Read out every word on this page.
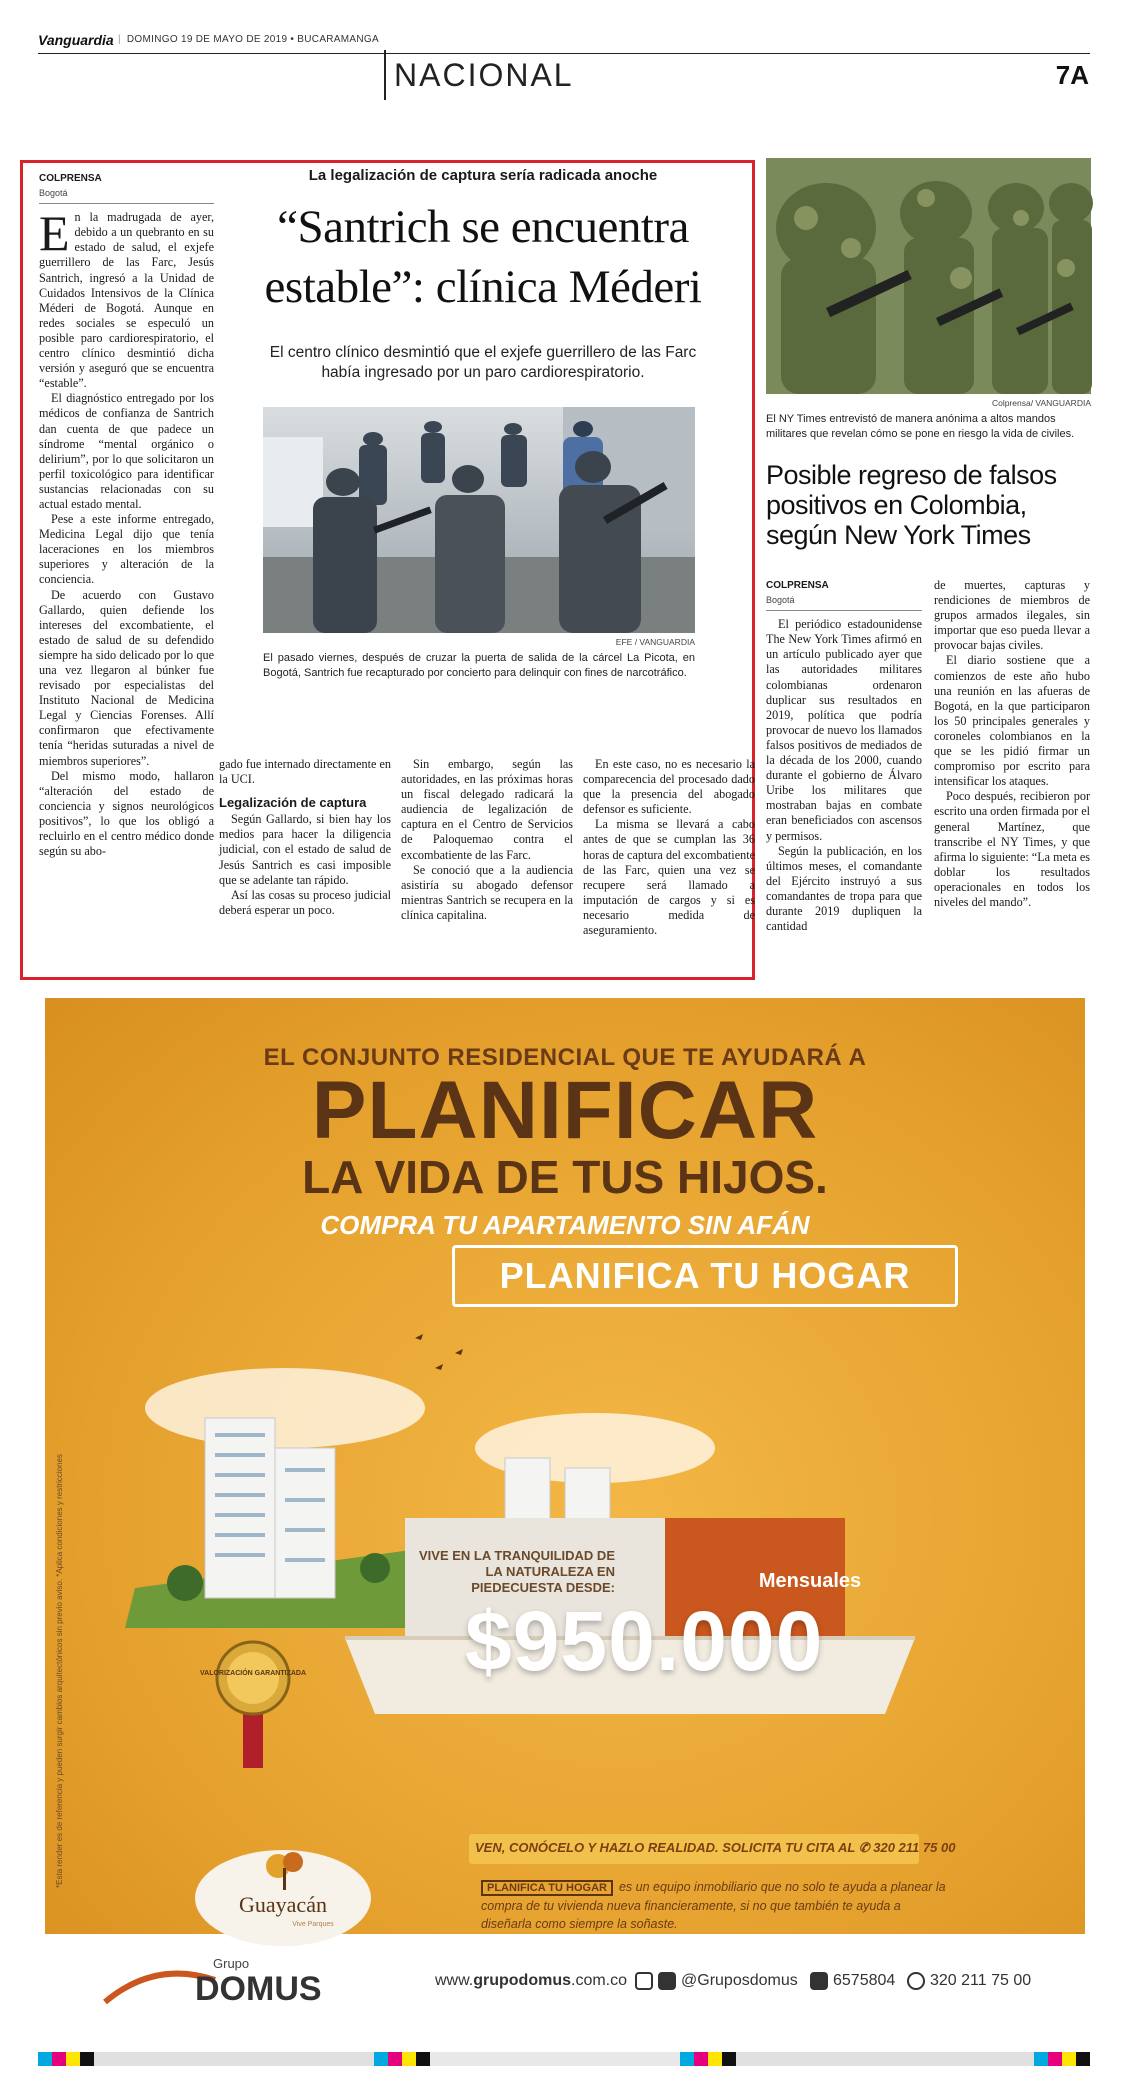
Vanguardia
|	DOMINGO 19 DE MAYO DE 2019 • BUCARAMANGA
NACIONAL	7A
COLPRENSA
Bogotá

En la madrugada de ayer, debido a un quebranto en su estado de salud, el exjefe guerrillero de las Farc, Jesús Santrich, ingresó a la Unidad de Cuidados Intensivos de la Clínica Méderi de Bogotá. Aunque en redes sociales se especuló un posible paro cardiorespiratorio, el centro clínico desmintió dicha versión y aseguró que se encuentra “estable”.

El diagnóstico entregado por los médicos de confianza de Santrich dan cuenta de que padece un síndrome “mental orgánico o delirium”, por lo que solicitaron un perfil toxicológico para identificar sustancias relacionadas con su actual estado mental.

Pese a este informe entregado, Medicina Legal dijo que tenía laceraciones en los miembros superiores y alteración de la conciencia.

De acuerdo con Gustavo Gallardo, quien defiende los intereses del excombatiente, el estado de salud de su defendido siempre ha sido delicado por lo que una vez llegaron al búnker fue revisado por especialistas del Instituto Nacional de Medicina Legal y Ciencias Forenses. Allí confirmaron que efectivamente tenía “heridas suturadas a nivel de miembros superiores”.

Del mismo modo, hallaron “alteración del estado de conciencia y signos neurológicos positivos”, lo que los obligó a recluirlo en el centro médico donde según su abo-

La legalización de captura sería radicada anoche
“Santrich se encuentra estable”: clínica Méderi
El centro clínico desmintió que el exjefe guerrillero de las Farc había ingresado por un paro cardiorespiratorio.
EFE / VANGUARDIA
El pasado viernes, después de cruzar la puerta de salida de la cárcel La Picota, en Bogotá, Santrich fue recapturado por concierto para delinquir con fines de narcotráfico.

gado fue internado directamente en la UCI.

Legalización de captura

Según Gallardo, si bien hay los medios para hacer la diligencia judicial, con el estado de salud de Jesús Santrich es casi imposible que se adelante tan rápido.

Así las cosas su proceso judicial deberá esperar un poco.

Sin embargo, según las autoridades, en las próximas horas un fiscal delegado radicará la audiencia de legalización de captura en el Centro de Servicios de Paloquemao contra el excombatiente de las Farc.

Se conoció que a la audiencia asistiría su abogado defensor mientras Santrich se recupera en la clínica capitalina.

En este caso, no es necesario la comparecencia del procesado dado que la presencia del abogado defensor es suficiente.

La misma se llevará a cabo antes de que se cumplan las 36 horas de captura del excombatiente de las Farc, quien una vez se recupere será llamado a imputación de cargos y si es necesario medida de aseguramiento.

Colprensa/ VANGUARDIA
El NY Times entrevistó de manera anónima a altos mandos militares que revelan cómo se pone en riesgo la vida de civiles.
Posible regreso de falsos positivos en Colombia, según New York Times
COLPRENSA
Bogotá

El periódico estadounidense The New York Times afirmó en un artículo publicado ayer que las autoridades militares colombianas ordenaron duplicar sus resultados en 2019, política que podría provocar de nuevo los llamados falsos positivos de mediados de la década de los 2000, cuando durante el gobierno de Álvaro Uribe los militares que mostraban bajas en combate eran beneficiados con ascensos y permisos.

Según la publicación, en los últimos meses, el comandante del Ejército instruyó a sus comandantes de tropa para que durante 2019 dupliquen la cantidad

de muertes, capturas y rendiciones de miembros de grupos armados ilegales, sin importar que eso pueda llevar a provocar bajas civiles.

El diario sostiene que a comienzos de este año hubo una reunión en las afueras de Bogotá, en la que participaron los 50 principales generales y coroneles colombianos en la que se les pidió firmar un compromiso por escrito para intensificar los ataques.

Poco después, recibieron por escrito una orden firmada por el general Martínez, que transcribe el NY Times, y que afirma lo siguiente: “La meta es doblar los resultados operacionales en todos los niveles del mando”.

EL CONJUNTO RESIDENCIAL QUE TE AYUDARÁ A
PLANIFICAR
LA VIDA DE TUS HIJOS.
COMPRA TU APARTAMENTO SIN AFÁN
PLANIFICA TU HOGAR
VIVE EN LA TRANQUILIDAD DE LA NATURALEZA EN PIEDECUESTA DESDE:	Mensuales
$950.000
VALORIZACIÓN GARANTIZADA
VEN, CONÓCELO Y HAZLO REALIDAD. SOLICITA TU CITA AL ✆ 320 211 75 00
PLANIFICA TU HOGAR es un equipo inmobiliario que no solo te ayuda a planear la compra de tu vivienda nueva financieramente, si no que también te ayuda a diseñarla como siempre la soñaste.
Guayacán
Vive Parques
*Esta render es de referencia y pueden surgir cambios arquitectónicos sin previo aviso. *Aplica condiciones y restricciones
Grupo
DOMUS	www.grupodomus.com.co	@Gruposdomus 6575804 320 211 75 00
